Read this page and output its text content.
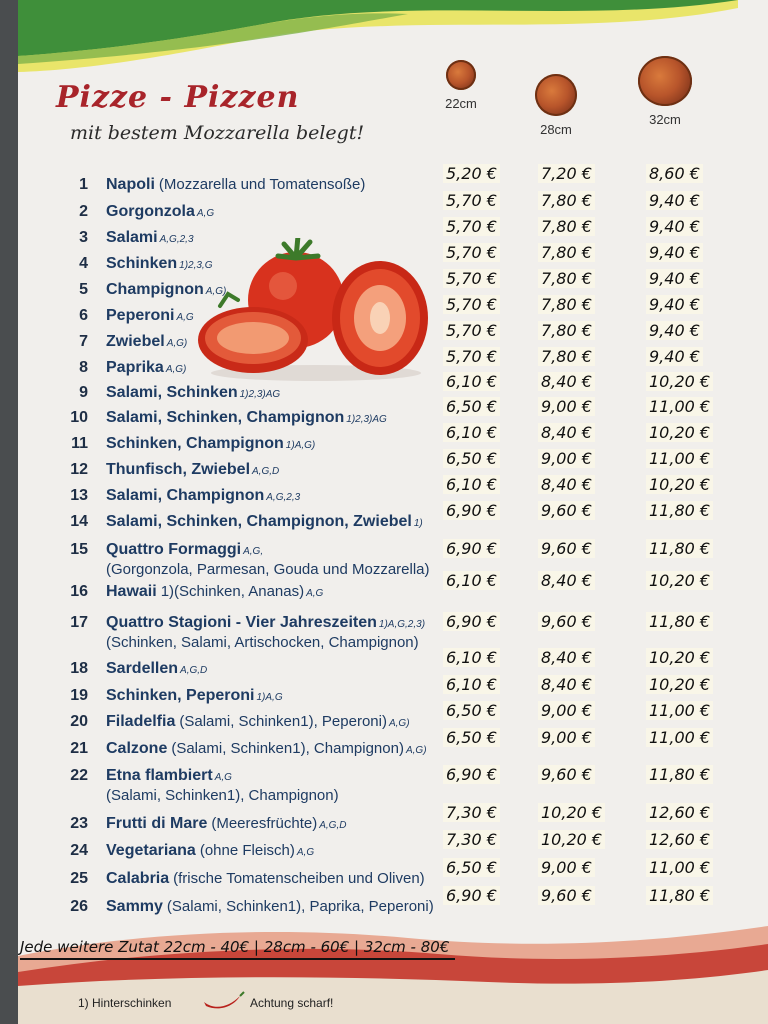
Pizze - Pizzen
mit bestem Mozzarella belegt!
22cm
28cm
32cm
1 Napoli (Mozzarella und Tomatensoße)
5,20 €	7,20 €	8,60 €
2 Gorgonzola A,G
5,70 €	7,80 €	9,40 €
3 Salami A,G,2,3
5,70 €	7,80 €	9,40 €
4 Schinken 1)2,3,G
5,70 €	7,80 €	9,40 €
5 Champignon A,G)
5,70 €	7,80 €	9,40 €
6 Peperoni A,G
5,70 €	7,80 €	9,40 €
7 Zwiebel A,G)
5,70 €	7,80 €	9,40 €
8 Paprika A,G)
5,70 €	7,80 €	9,40 €
9 Salami, Schinken 1)2,3)AG
6,10 €	8,40 €	10,20 €
10 Salami, Schinken, Champignon 1)2,3)AG
6,50 €	9,00 €	11,00 €
11 Schinken, Champignon 1)A,G)
6,10 €	8,40 €	10,20 €
12 Thunfisch, Zwiebel A,G,D
6,50 €	9,00 €	11,00 €
13 Salami, Champignon A,G,2,3
6,10 €	8,40 €	10,20 €
14 Salami, Schinken, Champignon, Zwiebel 1)
6,90 €	9,60 €	11,80 €
15 Quattro Formaggi A,G,
(Gorgonzola, Parmesan, Gouda und Mozzarella)
6,90 €	9,60 €	11,80 €
16 Hawaii 1)(Schinken, Ananas) A,G
6,10 €	8,40 €	10,20 €
17 Quattro Stagioni - Vier Jahreszeiten 1)A,G,2,3)
(Schinken, Salami, Artischocken, Champignon)
6,90 €	9,60 €	11,80 €
18 Sardellen A,G,D
6,10 €	8,40 €	10,20 €
19 Schinken, Peperoni 1)A,G
6,10 €	8,40 €	10,20 €
20 Filadelfia (Salami, Schinken1), Peperoni) A,G)
6,50 €	9,00 €	11,00 €
21 Calzone (Salami, Schinken1), Champignon) A,G)
6,50 €	9,00 €	11,00 €
22 Etna flambiert A,G
(Salami, Schinken1), Champignon)
6,90 €	9,60 €	11,80 €
23 Frutti di Mare (Meeresfrüchte) A,G,D
7,30 €	10,20 €	12,60 €
24 Vegetariana (ohne Fleisch) A,G
7,30 €	10,20 €	12,60 €
25 Calabria (frische Tomatenscheiben und Oliven)
6,50 €	9,00 €	11,00 €
26 Sammy (Salami, Schinken1), Paprika, Peperoni)
6,90 €	9,60 €	11,80 €
Jede weitere Zutat 22cm - 40€ | 28cm - 60€ | 32cm - 80€
1) Hinterschinken	Achtung scharf!
